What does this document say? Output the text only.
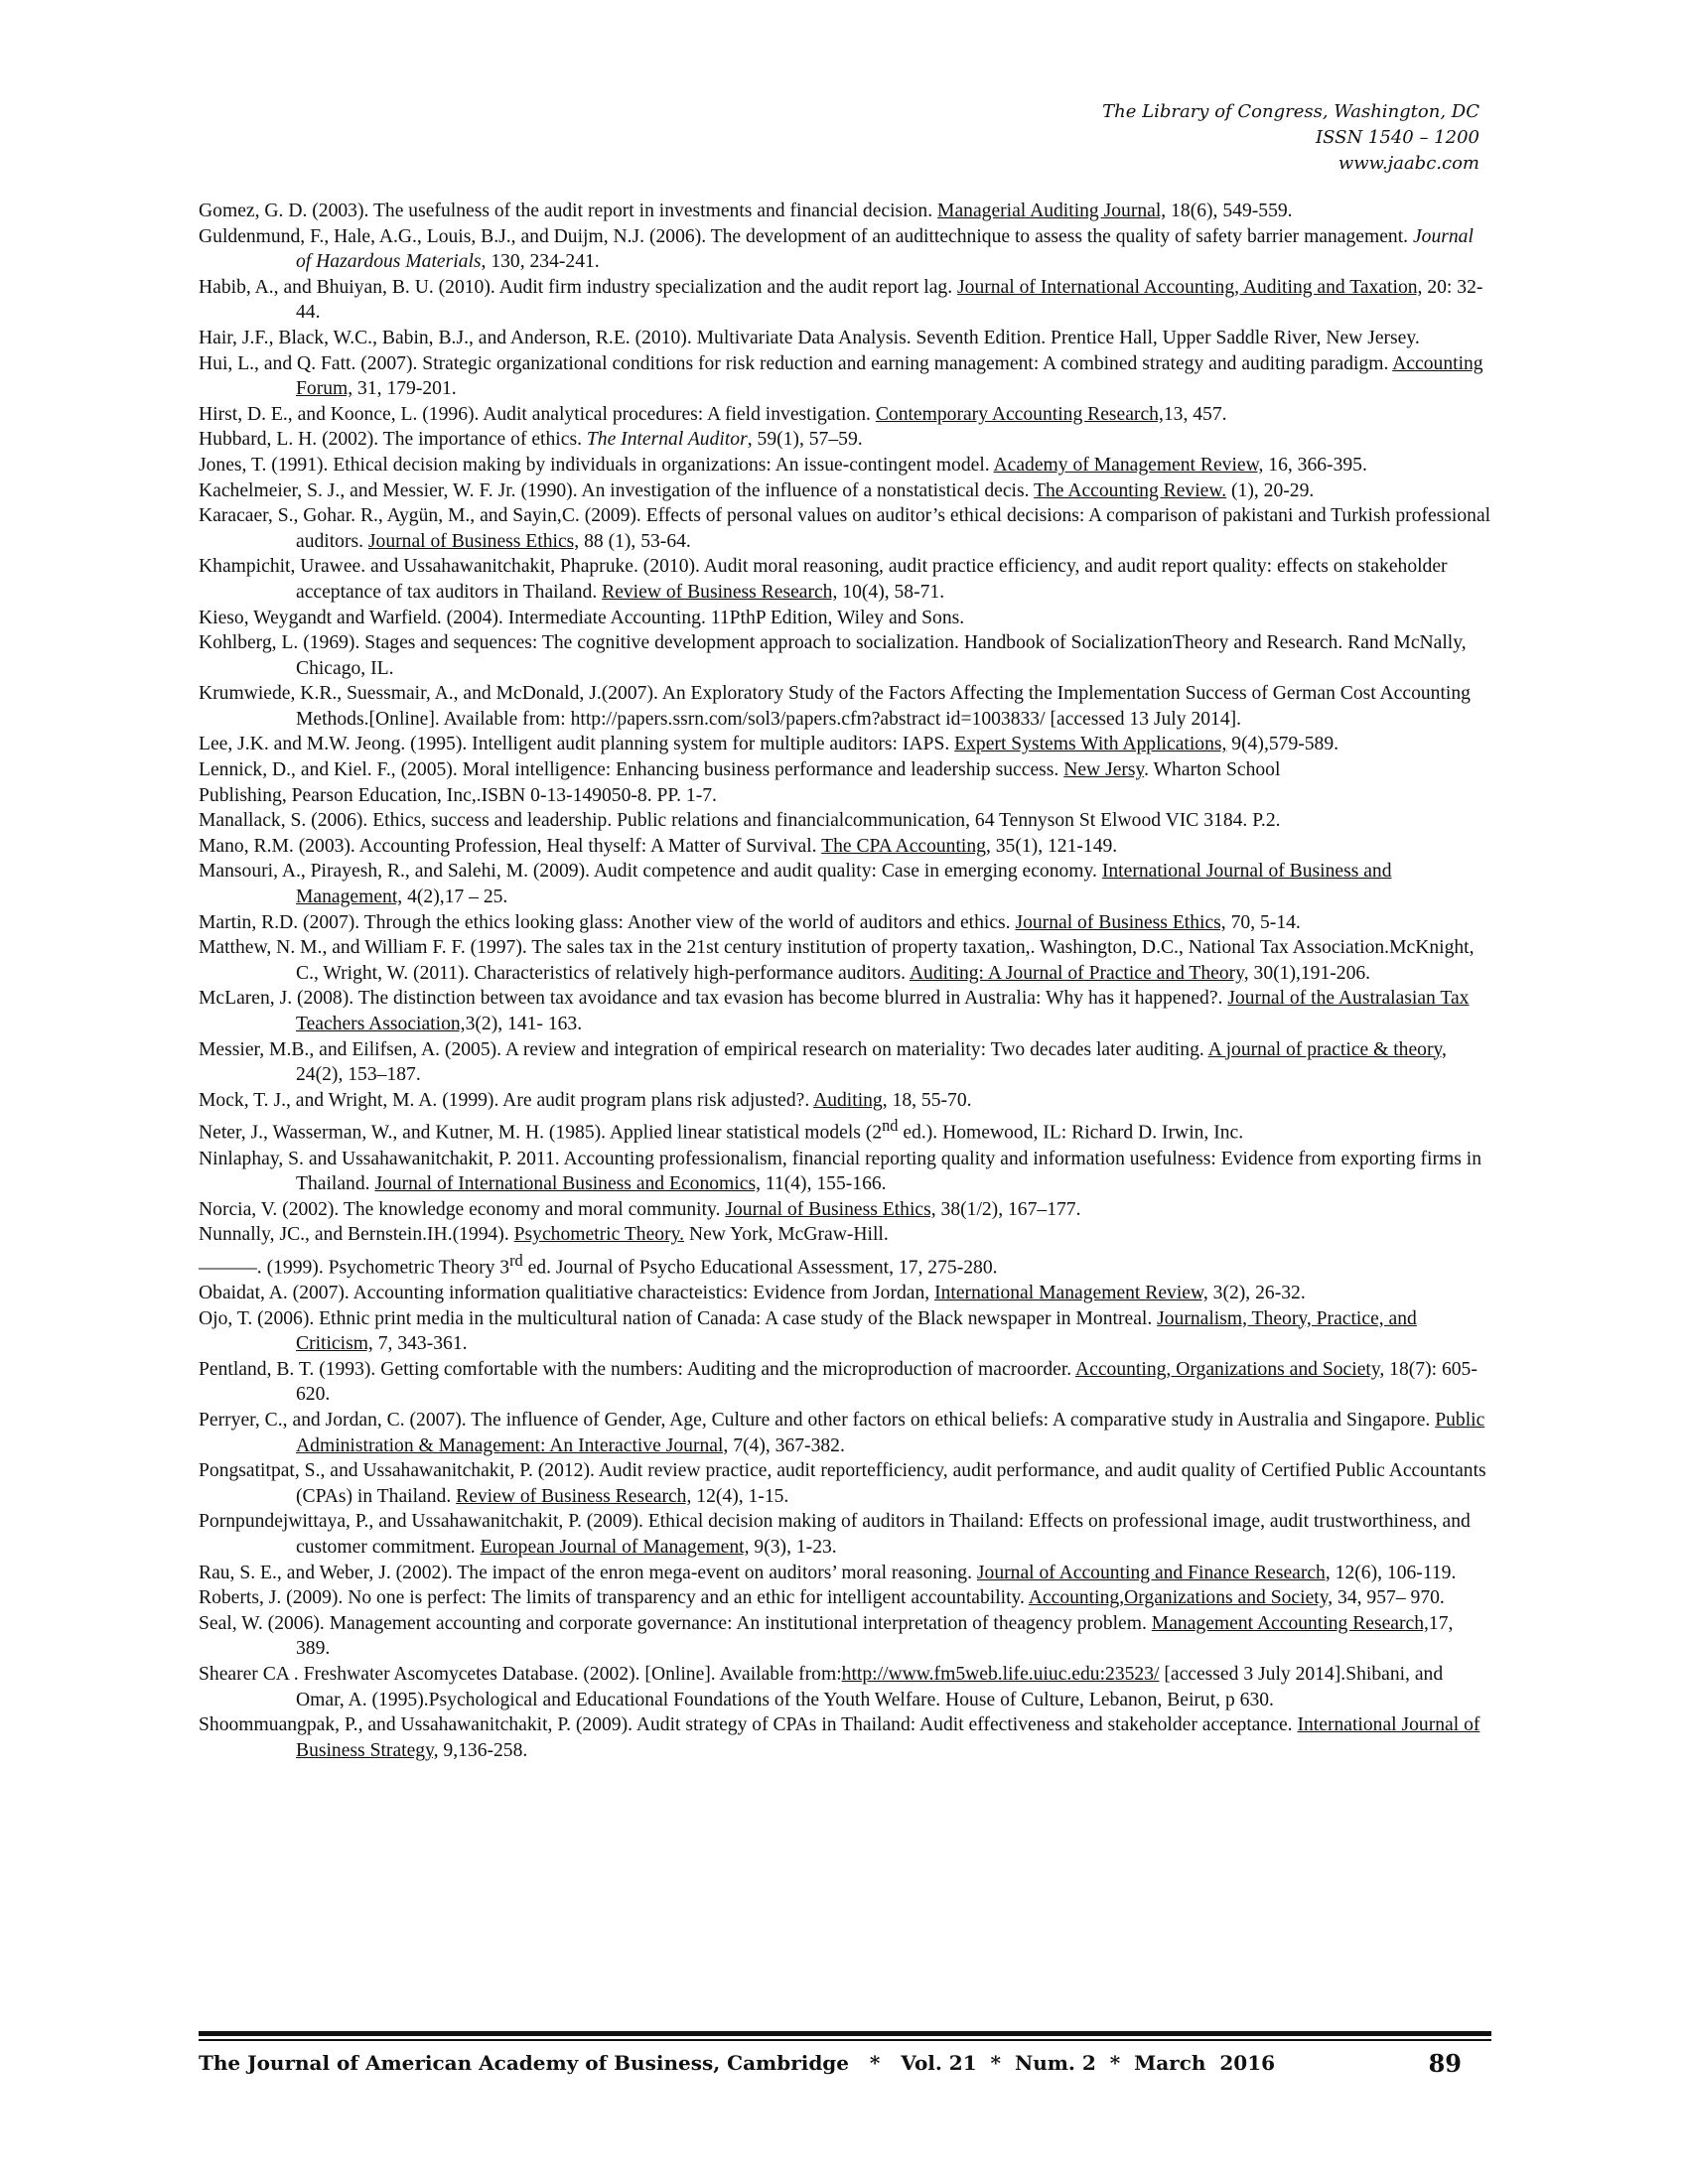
The Library of Congress, Washington, DC
ISSN 1540 – 1200
www.jaabc.com

Gomez, G. D. (2003). The usefulness of the audit report in investments and financial decision. Managerial Auditing Journal, 18(6), 549-559.

Guldenmund, F., Hale, A.G., Louis, B.J., and Duijm, N.J. (2006). The development of an audittechnique to assess the quality of safety barrier management. Journal of Hazardous Materials, 130, 234-241.

Habib, A., and Bhuiyan, B. U. (2010). Audit firm industry specialization and the audit report lag. Journal of International Accounting, Auditing and Taxation, 20: 32-44.

Hair, J.F., Black, W.C., Babin, B.J., and Anderson, R.E. (2010). Multivariate Data Analysis. Seventh Edition. Prentice Hall, Upper Saddle River, New Jersey.

Hui, L., and Q. Fatt. (2007). Strategic organizational conditions for risk reduction and earning management: A combined strategy and auditing paradigm. Accounting Forum, 31, 179-201.

Hirst, D. E., and Koonce, L. (1996). Audit analytical procedures: A field investigation. Contemporary Accounting Research,13, 457.

Hubbard, L. H. (2002). The importance of ethics. The Internal Auditor, 59(1), 57–59.

Jones, T. (1991). Ethical decision making by individuals in organizations: An issue-contingent model. Academy of Management Review, 16, 366-395.

Kachelmeier, S. J., and Messier, W. F. Jr. (1990). An investigation of the influence of a nonstatistical decis. The Accounting Review. (1), 20-29.

Karacaer, S., Gohar. R., Aygün, M., and Sayin,C. (2009). Effects of personal values on auditor’s ethical decisions: A comparison of pakistani and Turkish professional auditors. Journal of Business Ethics, 88 (1), 53-64.

Khampichit, Urawee. and Ussahawanitchakit, Phapruke. (2010). Audit moral reasoning, audit practice efficiency, and audit report quality: effects on stakeholder acceptance of tax auditors in Thailand. Review of Business Research, 10(4), 58-71.

Kieso, Weygandt and Warfield. (2004). Intermediate Accounting. 11PthP Edition, Wiley and Sons.

Kohlberg, L. (1969). Stages and sequences: The cognitive development approach to socialization. Handbook of SocializationTheory and Research. Rand McNally, Chicago, IL.

Krumwiede, K.R., Suessmair, A., and McDonald, J.(2007). An Exploratory Study of the Factors Affecting the Implementation Success of German Cost Accounting Methods.[Online]. Available from: http://papers.ssrn.com/sol3/papers.cfm?abstract id=1003833/ [accessed 13 July 2014].

Lee, J.K. and M.W. Jeong. (1995). Intelligent audit planning system for multiple auditors: IAPS. Expert Systems With Applications, 9(4),579-589.

Lennick, D., and Kiel. F., (2005). Moral intelligence: Enhancing business performance and leadership success. New Jersy. Wharton School

Publishing, Pearson Education, Inc,.ISBN 0-13-149050-8. PP. 1-7.

Manallack, S. (2006). Ethics, success and leadership. Public relations and financialcommunication, 64 Tennyson St Elwood VIC 3184. P.2.

Mano, R.M. (2003). Accounting Profession, Heal thyself: A Matter of Survival. The CPA Accounting, 35(1), 121-149.

Mansouri, A., Pirayesh, R., and Salehi, M. (2009). Audit competence and audit quality: Case in emerging economy. International Journal of Business and Management, 4(2),17 – 25.

Martin, R.D. (2007). Through the ethics looking glass: Another view of the world of auditors and ethics. Journal of Business Ethics, 70, 5-14.

Matthew, N. M., and William F. F. (1997). The sales tax in the 21st century institution of property taxation,. Washington, D.C., National Tax Association.McKnight, C., Wright, W. (2011). Characteristics of relatively high-performance auditors. Auditing: A Journal of Practice and Theory, 30(1),191-206.

McLaren, J. (2008). The distinction between tax avoidance and tax evasion has become blurred in Australia: Why has it happened?. Journal of the Australasian Tax Teachers Association,3(2), 141- 163.

Messier, M.B., and Eilifsen, A. (2005). A review and integration of empirical research on materiality: Two decades later auditing. A journal of practice & theory, 24(2), 153–187.

Mock, T. J., and Wright, M. A. (1999). Are audit program plans risk adjusted?. Auditing, 18, 55-70.

Neter, J., Wasserman, W., and Kutner, M. H. (1985). Applied linear statistical models (2nd ed.). Homewood, IL: Richard D. Irwin, Inc.

Ninlaphay, S. and Ussahawanitchakit, P. 2011. Accounting professionalism, financial reporting quality and information usefulness: Evidence from exporting firms in Thailand. Journal of International Business and Economics, 11(4), 155-166.

Norcia, V. (2002). The knowledge economy and moral community. Journal of Business Ethics, 38(1/2), 167–177.

Nunnally, JC., and Bernstein.IH.(1994). Psychometric Theory. New York, McGraw-Hill.

———. (1999). Psychometric Theory 3rd ed. Journal of Psycho Educational Assessment, 17, 275-280.

Obaidat, A. (2007). Accounting information qualitiative characteistics: Evidence from Jordan, International Management Review, 3(2), 26-32.

Ojo, T. (2006). Ethnic print media in the multicultural nation of Canada: A case study of the Black newspaper in Montreal. Journalism, Theory, Practice, and Criticism, 7, 343-361.

Pentland, B. T. (1993). Getting comfortable with the numbers: Auditing and the microproduction of macroorder. Accounting, Organizations and Society, 18(7): 605-620.

Perryer, C., and Jordan, C. (2007). The influence of Gender, Age, Culture and other factors on ethical beliefs: A comparative study in Australia and Singapore. Public Administration & Management: An Interactive Journal, 7(4), 367-382.

Pongsatitpat, S., and Ussahawanitchakit, P. (2012). Audit review practice, audit reportefficiency, audit performance, and audit quality of Certified Public Accountants (CPAs) in Thailand. Review of Business Research, 12(4), 1-15.

Pornpundejwittaya, P., and Ussahawanitchakit, P. (2009). Ethical decision making of auditors in Thailand: Effects on professional image, audit trustworthiness, and customer commitment. European Journal of Management, 9(3), 1-23.

Rau, S. E., and Weber, J. (2002). The impact of the enron mega-event on auditors’ moral reasoning. Journal of Accounting and Finance Research, 12(6), 106-119.

Roberts, J. (2009). No one is perfect: The limits of transparency and an ethic for intelligent accountability. Accounting,Organizations and Society, 34, 957– 970.

Seal, W. (2006). Management accounting and corporate governance: An institutional interpretation of theagency problem. Management Accounting Research,17, 389.

Shearer CA . Freshwater Ascomycetes Database. (2002). [Online]. Available from:http://www.fm5web.life.uiuc.edu:23523/ [accessed 3 July 2014].Shibani, and Omar, A. (1995).Psychological and Educational Foundations of the Youth Welfare. House of Culture, Lebanon, Beirut, p 630.

Shoommuangpak, P., and Ussahawanitchakit, P. (2009). Audit strategy of CPAs in Thailand: Audit effectiveness and stakeholder acceptance. International Journal of Business Strategy, 9,136-258.

The Journal of American Academy of Business, Cambridge   *   Vol. 21  *  Num. 2  *  March  2016	89
